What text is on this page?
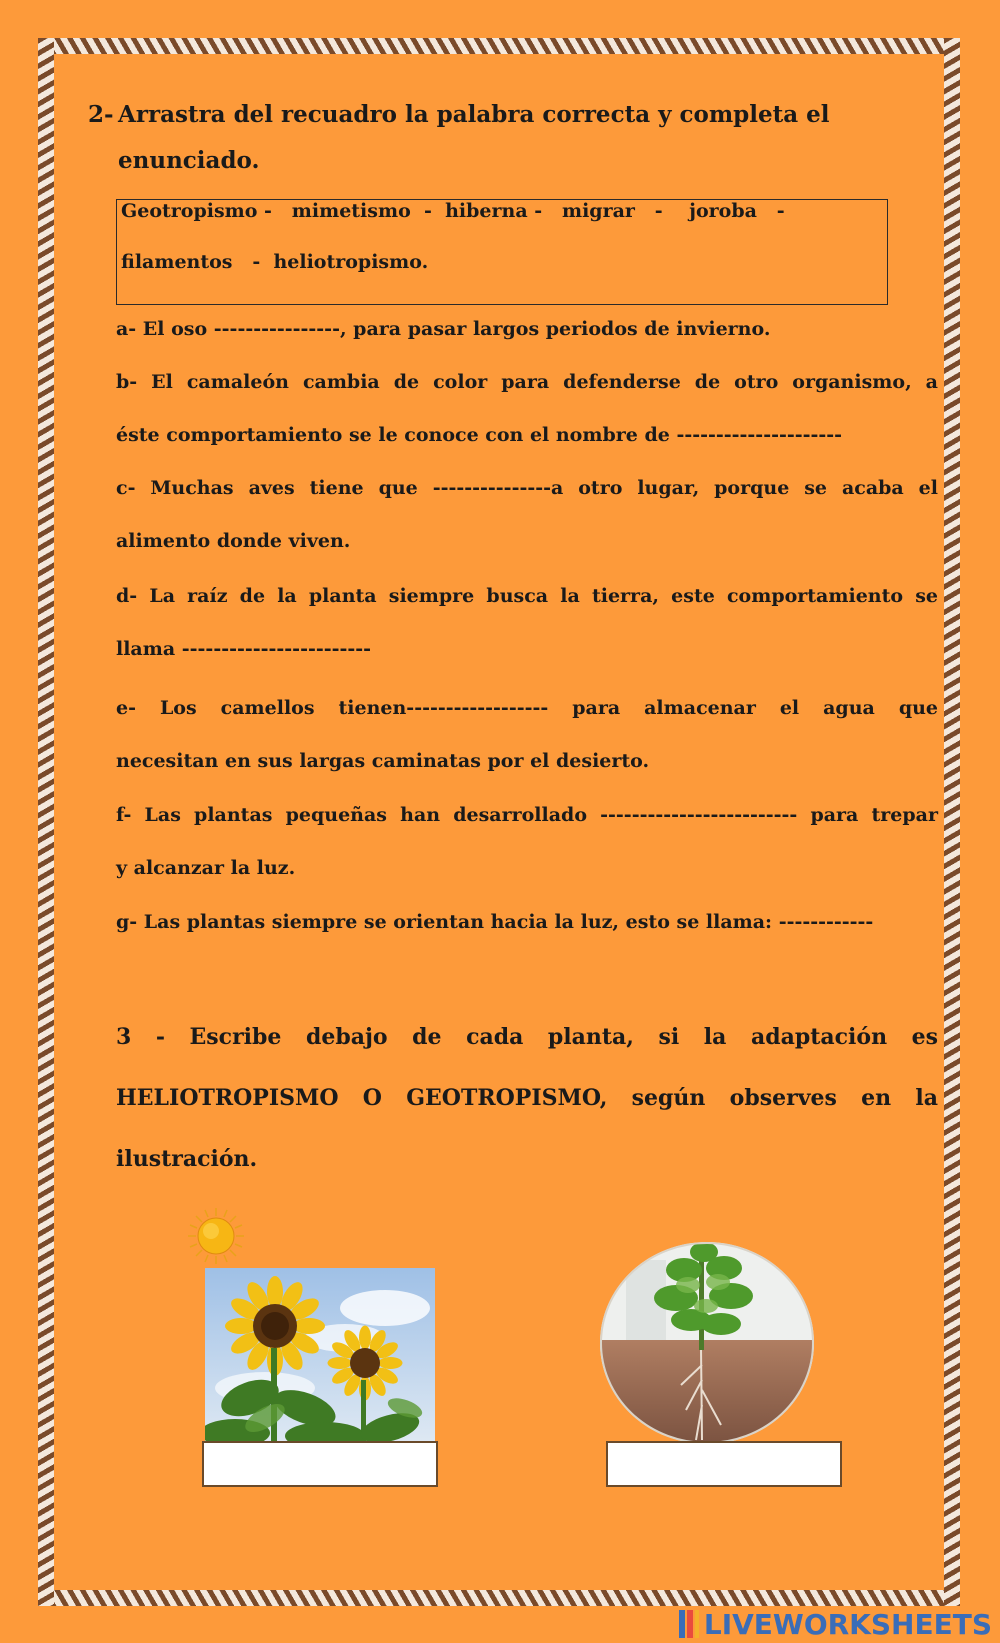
2- Arrastra del recuadro la palabra correcta y completa el enunciado.
Geotropismo -   mimetismo  -  hiberna -   migrar   -    joroba   -
filamentos   -  heliotropismo.
a- El oso ----------------, para pasar largos periodos de invierno.
b- El camaleón cambia de color para defenderse de otro organismo, a
éste comportamiento se le conoce con el nombre de ---------------------
c- Muchas aves tiene que ---------------a otro lugar, porque se acaba el
alimento donde viven.
d- La raíz de la planta siempre busca la tierra, este comportamiento se
llama ------------------------
e- Los camellos tienen------------------ para almacenar el agua que
necesitan en sus largas caminatas por el desierto.
f- Las plantas pequeñas han desarrollado ------------------------- para trepar
y alcanzar la luz.
g- Las plantas siempre se orientan hacia la luz, esto se llama: ------------
3 - Escribe debajo de cada planta, si la adaptación es
HELIOTROPISMO O GEOTROPISMO, según observes en la
ilustración.
LIVEWORKSHEETS
